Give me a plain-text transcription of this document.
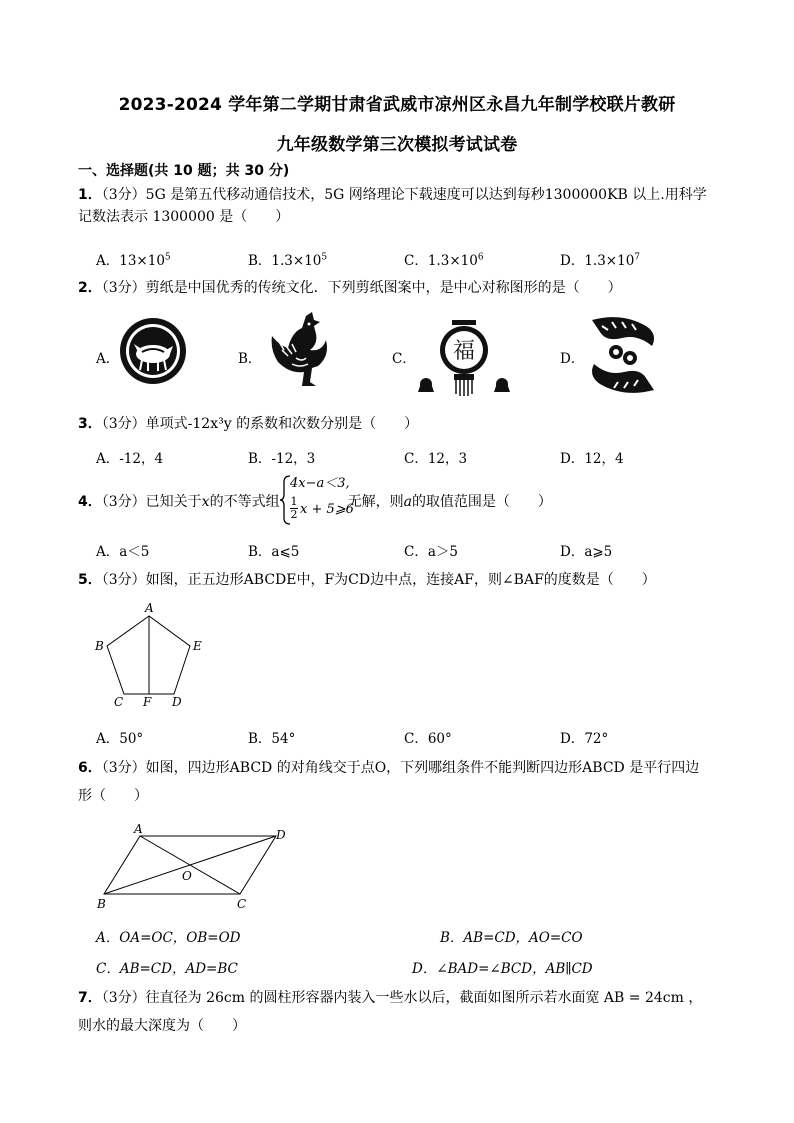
2023-2024 学年第二学期甘肃省武威市凉州区永昌九年制学校联片教研
九年级数学第三次模拟考试试卷
一、选择题(共 10 题；共 30 分)
1．（3分）5G 是第五代移动通信技术，5G 网络理论下载速度可以达到每秒1300000KB 以上.用科学
记数法表示 1300000 是（　　）
A．$13\times 10^5$	B．$1.3\times 10^5$	C．$1.3\times 10^6$	D．$1.3\times 10^7$
2．（3分）剪纸是中国优秀的传统文化．下列剪纸图案中，是中心对称图形的是（　　）
A．	B．	C． 福	D．
3．（3分）单项式-12x³y 的系数和次数分别是（　　）
A．-12，4	B．-12，3	C．12，3	D．12，4
4．（3分）已知关于x的不等式组	无解，则a的取值范围是（　　）
4x−a＜3,
1
2 x + 5⩾6
A．a＜5	B．a⩽5	C．a＞5	D．a⩾5
5．（3分）如图，正五边形ABCDE中，F为CD边中点，连接AF，则∠BAF的度数是（　　）
A
B	E
C F D
A．50°	B．54°	C．60°	D．72°
6．（3分）如图，四边形ABCD 的对角线交于点O，下列哪组条件不能判断四边形ABCD 是平行四边
形（　　）
A	D
B	C
O
A．OA=OC，OB=OD	B．AB=CD，AO=CO
C．AB=CD，AD=BC	D．∠BAD=∠BCD，AB∥CD
7．（3分）往直径为 26cm 的圆柱形容器内装入一些水以后，截面如图所示若水面宽 AB = 24cm ，
则水的最大深度为（　　）
